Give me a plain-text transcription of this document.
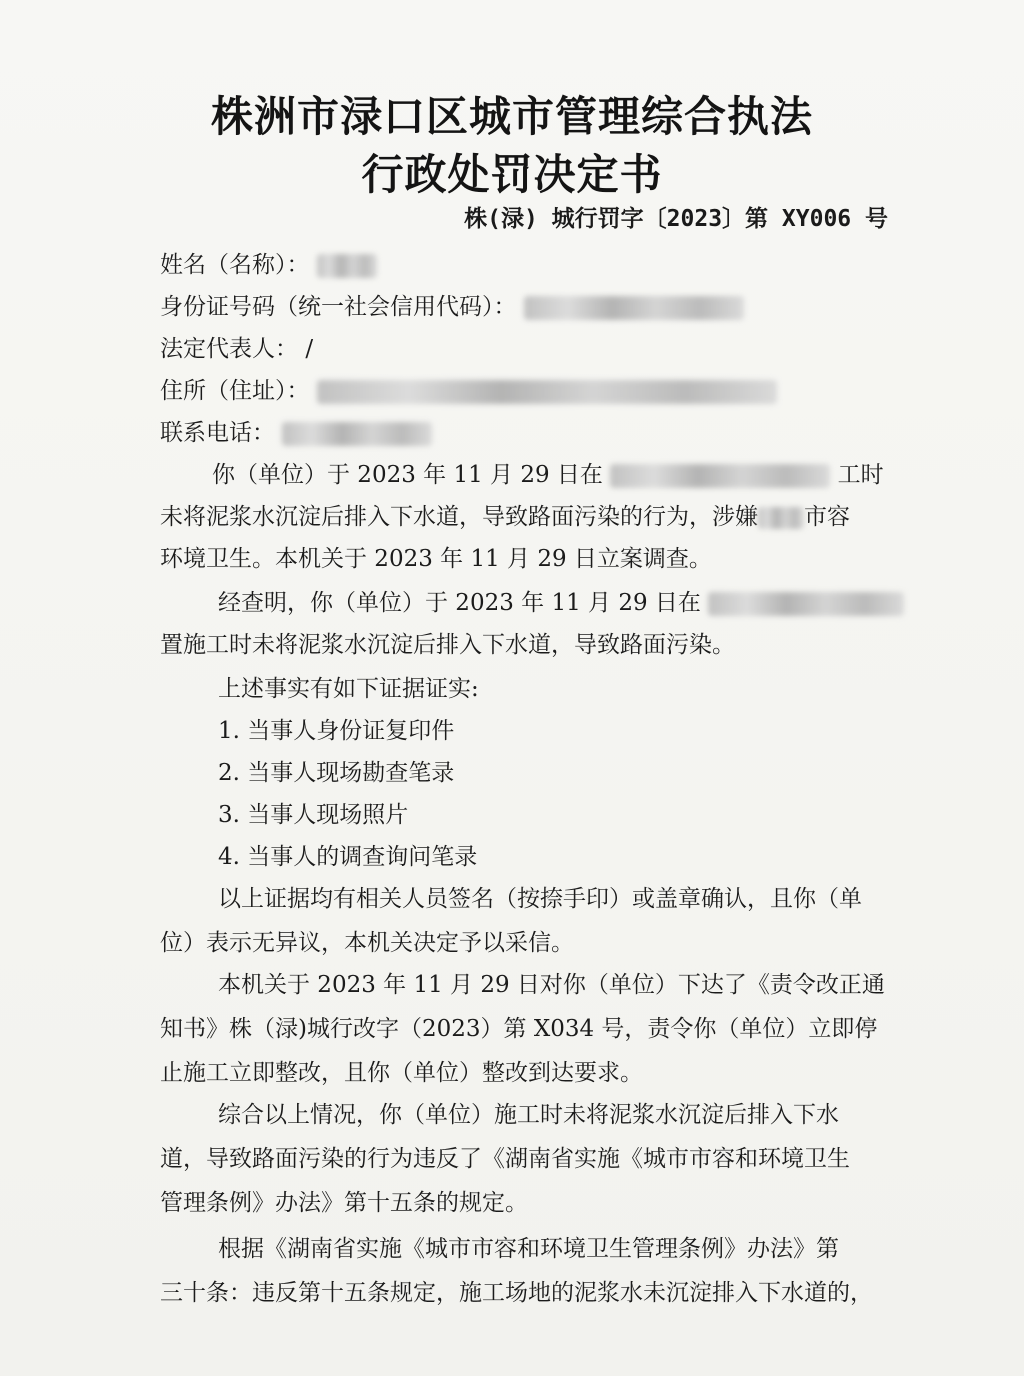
株洲市渌口区城市管理综合执法
行政处罚决定书
株(渌) 城行罚字〔2023〕第 XY006 号
姓名（名称）：
身份证号码（统一社会信用代码）：
法定代表人： /
住所（住址）：
联系电话：
你（单位）于 2023 年 11 月 29 日在	工时
未将泥浆水沉淀后排入下水道，导致路面污染的行为，涉嫌 市容
环境卫生。本机关于 2023 年 11 月 29 日立案调查。
经查明，你（单位）于 2023 年 11 月 29 日在
置施工时未将泥浆水沉淀后排入下水道，导致路面污染。
上述事实有如下证据证实:
1. 当事人身份证复印件
2. 当事人现场勘查笔录
3. 当事人现场照片
4. 当事人的调查询问笔录
以上证据均有相关人员签名（按捺手印）或盖章确认，且你（单
位）表示无异议，本机关决定予以采信。
本机关于 2023 年 11 月 29 日对你（单位）下达了《责令改正通
知书》株（渌)城行改字（2023）第 X034 号，责令你（单位）立即停
止施工立即整改，且你（单位）整改到达要求。
综合以上情况，你（单位）施工时未将泥浆水沉淀后排入下水
道，导致路面污染的行为违反了《湖南省实施《城市市容和环境卫生
管理条例》办法》第十五条的规定。
根据《湖南省实施《城市市容和环境卫生管理条例》办法》第
三十条：违反第十五条规定，施工场地的泥浆水未沉淀排入下水道的，
